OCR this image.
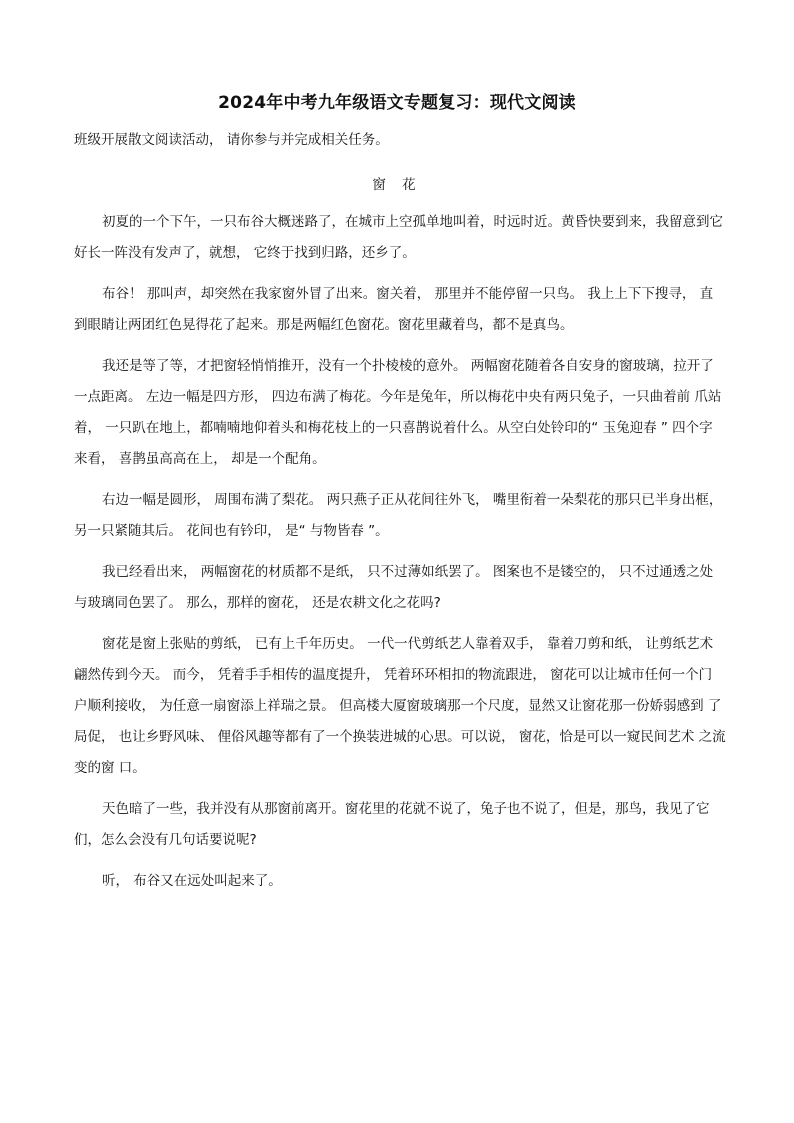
2024年中考九年级语文专题复习：现代文阅读
班级开展散文阅读活动， 请你参与并完成相关任务。
窗 花

初夏的一个下午，一只布谷大概迷路了，在城市上空孤单地叫着，时远时近。黄昏快要到来，我留意到它好长一阵没有发声了，就想， 它终于找到归路，还乡了。

布谷！ 那叫声，却突然在我家窗外冒了出来。窗关着， 那里并不能停留一只鸟。 我上上下下搜寻， 直到眼睛让两团红色晃得花了起来。那是两幅红色窗花。窗花里藏着鸟，都不是真鸟。

我还是等了等，才把窗轻悄悄推开，没有一个扑棱棱的意外。 两幅窗花随着各自安身的窗玻璃，拉开了一点距离。 左边一幅是四方形， 四边布满了梅花。今年是兔年，所以梅花中央有两只兔子，一只曲着前 爪站着， 一只趴在地上，都喃喃地仰着头和梅花枝上的一只喜鹊说着什么。从空白处铃印的“ 玉兔迎春 ” 四个字来看， 喜鹊虽高高在上， 却是一个配角。

右边一幅是圆形， 周围布满了梨花。 两只燕子正从花间往外飞， 嘴里衔着一朵梨花的那只已半身出框， 另一只紧随其后。 花间也有钤印， 是“ 与物皆春 ”。

我已经看出来， 两幅窗花的材质都不是纸， 只不过薄如纸罢了。 图案也不是镂空的， 只不过通透之处 与玻璃同色罢了。 那么，那样的窗花， 还是农耕文化之花吗?

窗花是窗上张贴的剪纸， 已有上千年历史。 一代一代剪纸艺人靠着双手， 靠着刀剪和纸， 让剪纸艺术 翩然传到今天。 而今， 凭着手手相传的温度提升， 凭着环环相扣的物流跟进， 窗花可以让城市任何一个门 户顺利接收， 为任意一扇窗添上祥瑞之景。 但高楼大厦窗玻璃那一个尺度，显然又让窗花那一份娇弱感到 了局促， 也让乡野风味、 俚俗风趣等都有了一个换装进城的心思。可以说， 窗花，恰是可以一窥民间艺术 之流变的窗 口。

天色暗了一些，我并没有从那窗前离开。窗花里的花就不说了，兔子也不说了，但是，那鸟，我见了它们，怎么会没有几句话要说呢?

听， 布谷又在远处叫起来了。
